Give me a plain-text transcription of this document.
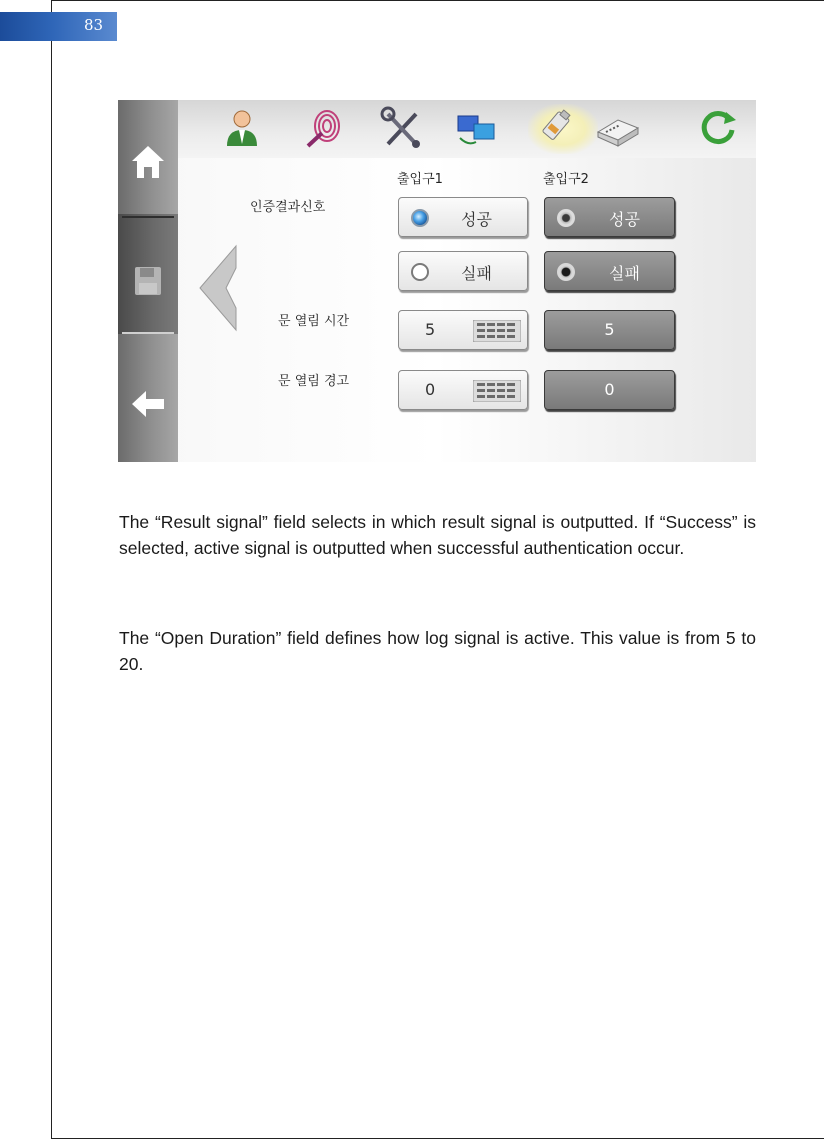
83
출입구1	출입구2
인증결과신호
문 열림 시간
문 열림 경고
성공
실패
5
0
성공
실패
5
0

The “Result signal” field selects in which result signal is outputted. If “Success” is selected, active signal is outputted when successful authentication occur.

The “Open Duration” field defines how log signal is active. This value is from 5 to 20.
